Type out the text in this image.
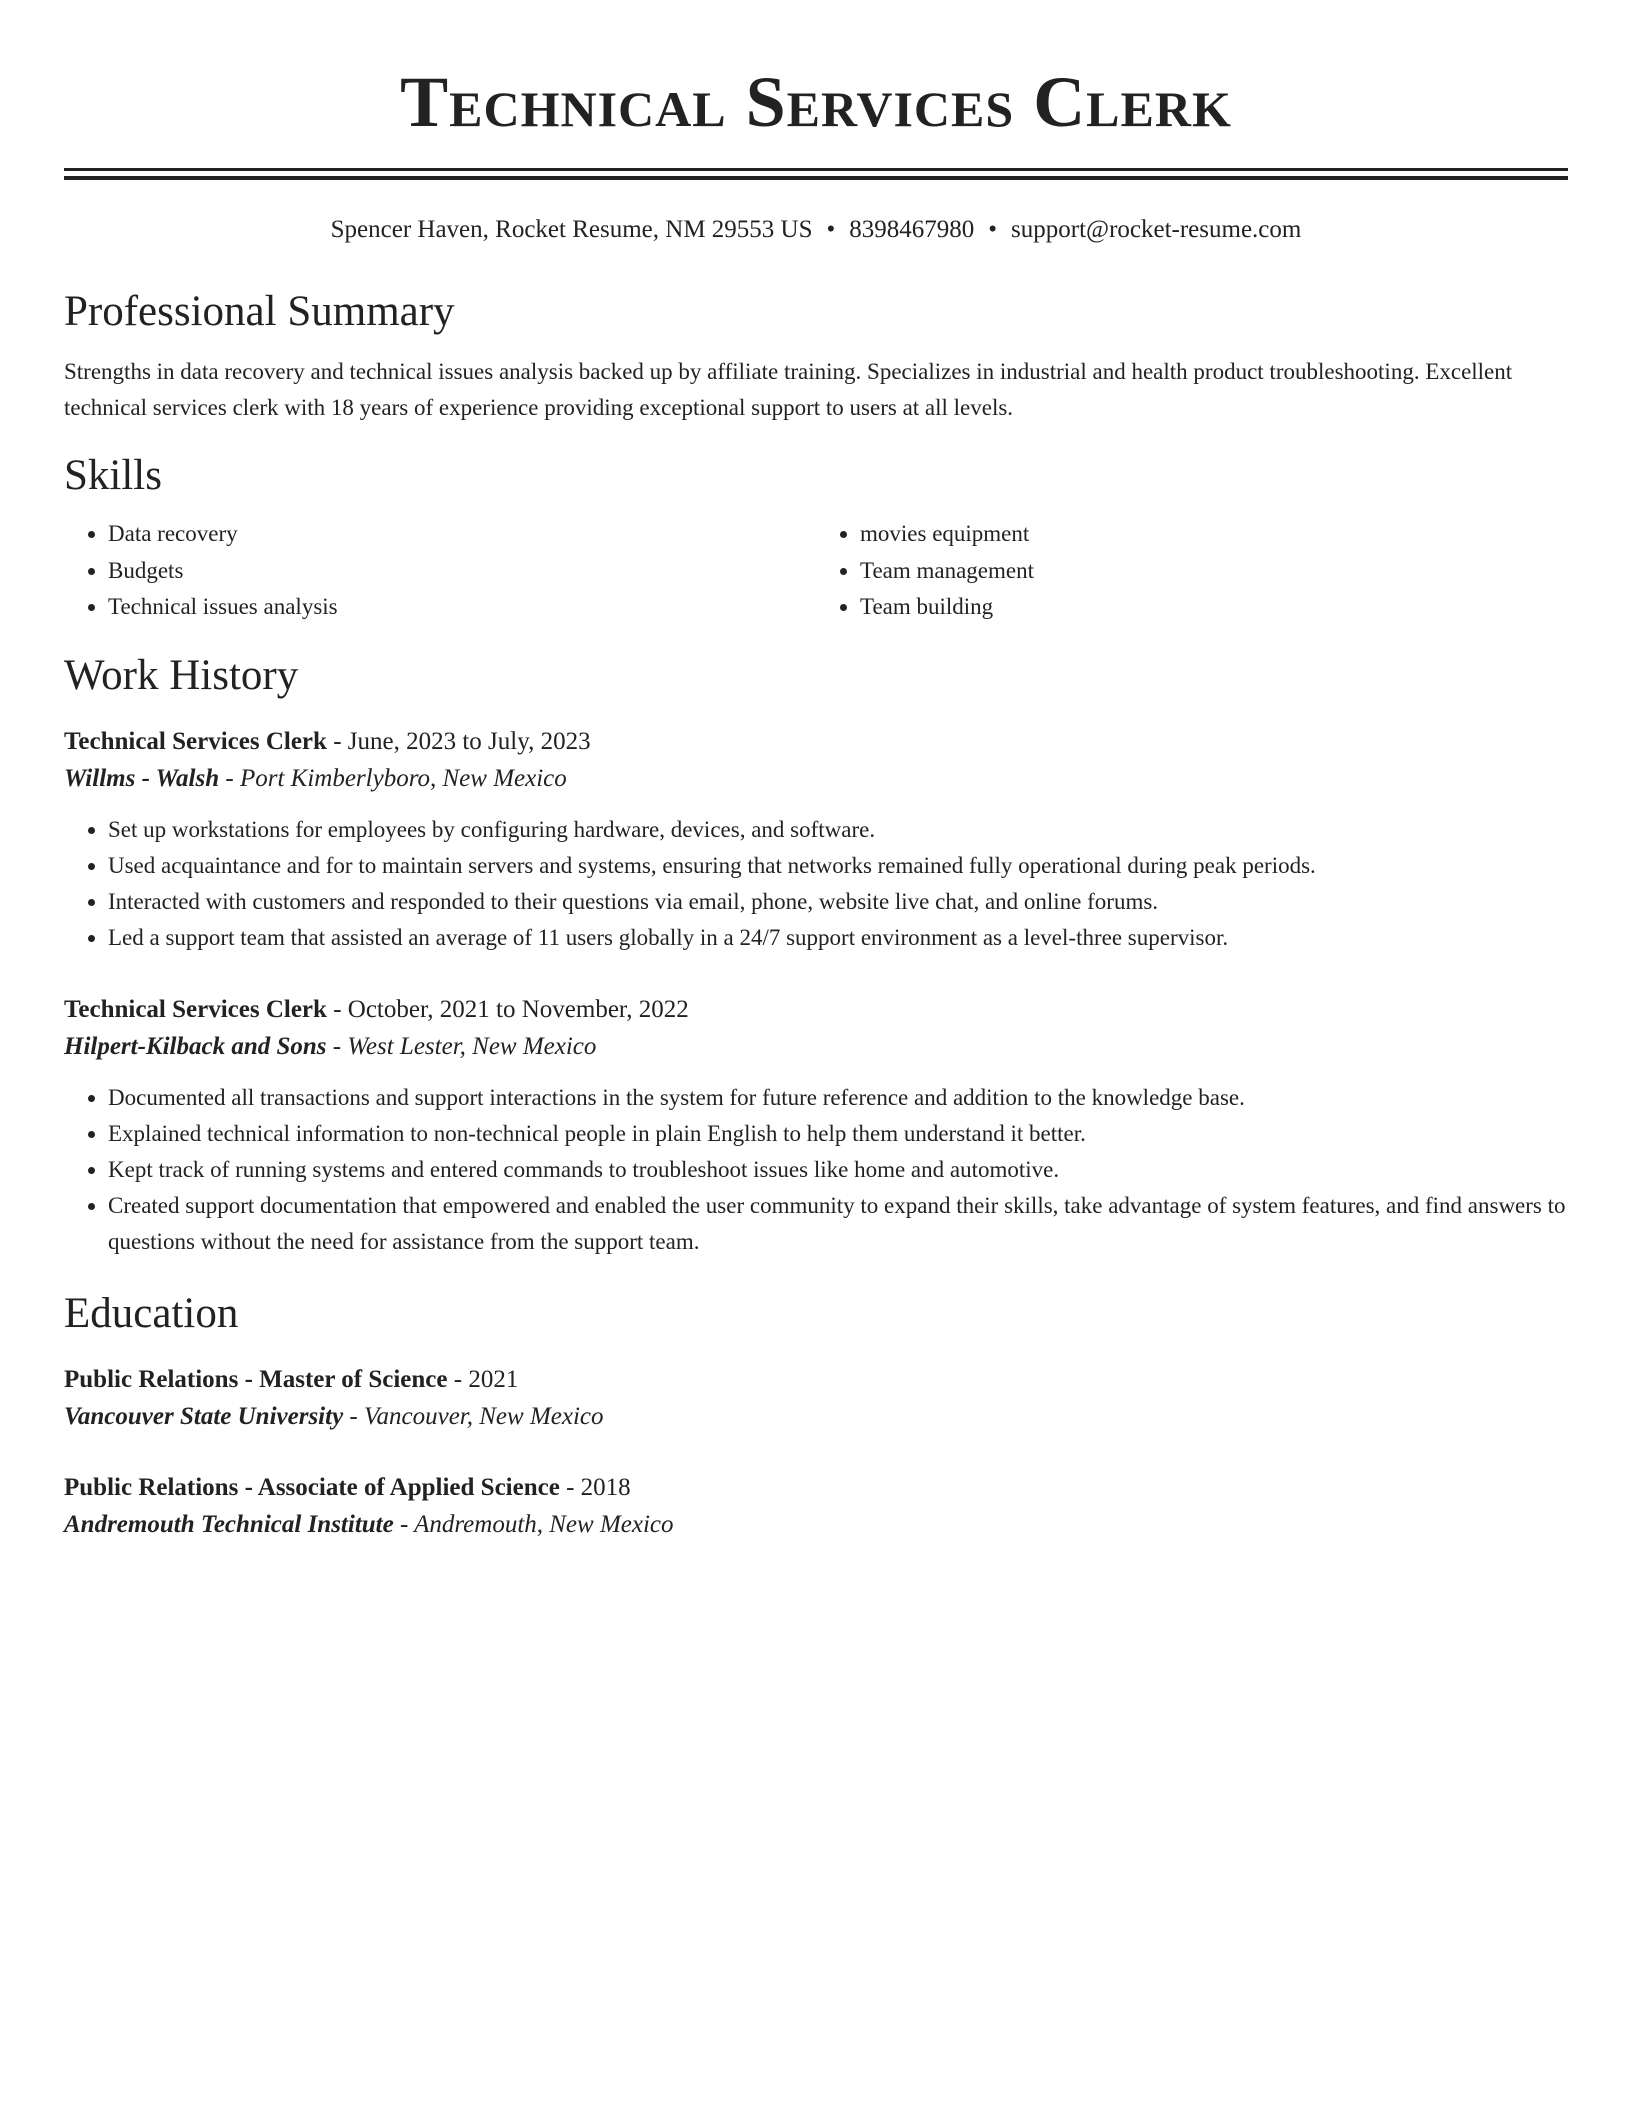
Technical Services Clerk
Spencer Haven, Rocket Resume, NM 29553 US • 8398467980 • support@rocket-resume.com
Professional Summary

Strengths in data recovery and technical issues analysis backed up by affiliate training. Specializes in industrial and health product troubleshooting. Excellent technical services clerk with 18 years of experience providing exceptional support to users at all levels.

Skills
• Data recovery
• Budgets
• Technical issues analysis
• movies equipment
• Team management
• Team building
Work History
Technical Services Clerk - June, 2023 to July, 2023
Willms - Walsh - Port Kimberlyboro, New Mexico
• Set up workstations for employees by configuring hardware, devices, and software.
• Used acquaintance and for to maintain servers and systems, ensuring that networks remained fully operational during peak periods.
• Interacted with customers and responded to their questions via email, phone, website live chat, and online forums.
• Led a support team that assisted an average of 11 users globally in a 24/7 support environment as a level-three supervisor.
Technical Services Clerk - October, 2021 to November, 2022
Hilpert-Kilback and Sons - West Lester, New Mexico
• Documented all transactions and support interactions in the system for future reference and addition to the knowledge base.
• Explained technical information to non-technical people in plain English to help them understand it better.
• Kept track of running systems and entered commands to troubleshoot issues like home and automotive.
• Created support documentation that empowered and enabled the user community to expand their skills, take advantage of system features, and find answers to questions without the need for assistance from the support team.
Education
Public Relations - Master of Science - 2021
Vancouver State University - Vancouver, New Mexico
Public Relations - Associate of Applied Science - 2018
Andremouth Technical Institute - Andremouth, New Mexico
